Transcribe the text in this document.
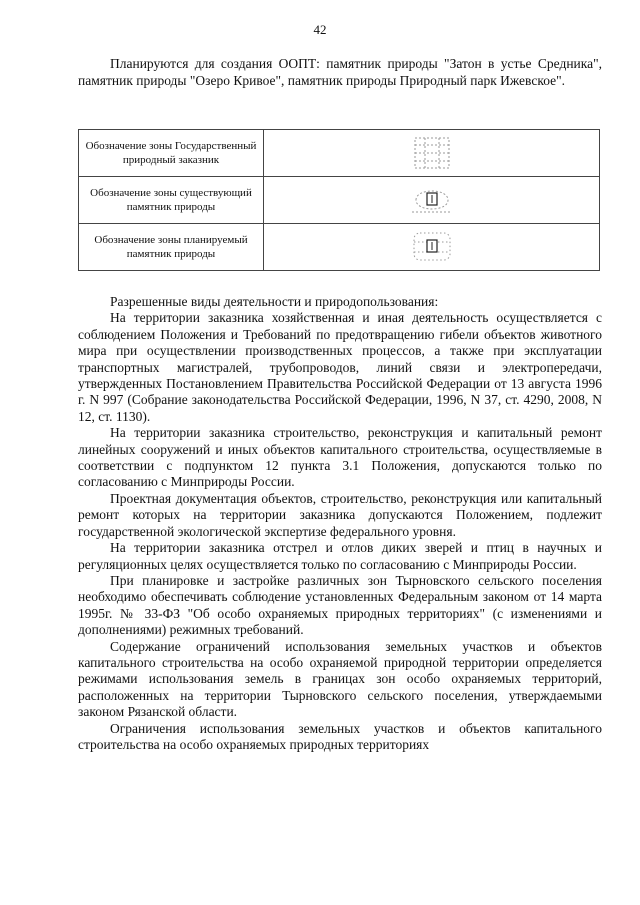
42

Планируются для создания ООПТ: памятник природы "Затон в устье Средника", памятник природы "Озеро Кривое", памятник природы Природный парк Ижевское".

Обозначение зоны Государственный природный заказник	
Обозначение зоны существующий памятник природы	
Обозначение зоны планируемый памятник природы	

Разрешенные виды деятельности и природопользования:

На территории заказника хозяйственная и иная деятельность осуществляется с соблюдением Положения и Требований по предотвращению гибели объектов животного мира при осуществлении производственных процессов, а также при эксплуатации транспортных магистралей, трубопроводов, линий связи и электропередачи, утвержденных Постановлением Правительства Российской Федерации от 13 августа 1996 г. N 997 (Собрание законодательства Российской Федерации, 1996, N 37, ст. 4290, 2008, N 12, ст. 1130).

На территории заказника строительство, реконструкция и капитальный ремонт линейных сооружений и иных объектов капитального строительства, осуществляемые в соответствии с подпунктом 12 пункта 3.1 Положения, допускаются только по согласованию с Минприроды России.

Проектная документация объектов, строительство, реконструкция или капитальный ремонт которых на территории заказника допускаются Положением, подлежит государственной экологической экспертизе федерального уровня.

На территории заказника отстрел и отлов диких зверей и птиц в научных и регуляционных целях осуществляется только по согласованию с Минприроды России.

При планировке и застройке различных зон Тырновского сельского поселения необходимо обеспечивать соблюдение установленных Федеральным законом от 14 марта 1995г. № 33-ФЗ "Об особо охраняемых природных территориях" (с изменениями и дополнениями) режимных требований.

Содержание ограничений использования земельных участков и объектов капитального строительства на особо охраняемой природной территории определяется режимами использования земель в границах зон особо охраняемых территорий, расположенных на территории Тырновского сельского поселения, утверждаемыми законом Рязанской области.

Ограничения использования земельных участков и объектов капитального строительства на особо охраняемых природных территориях
